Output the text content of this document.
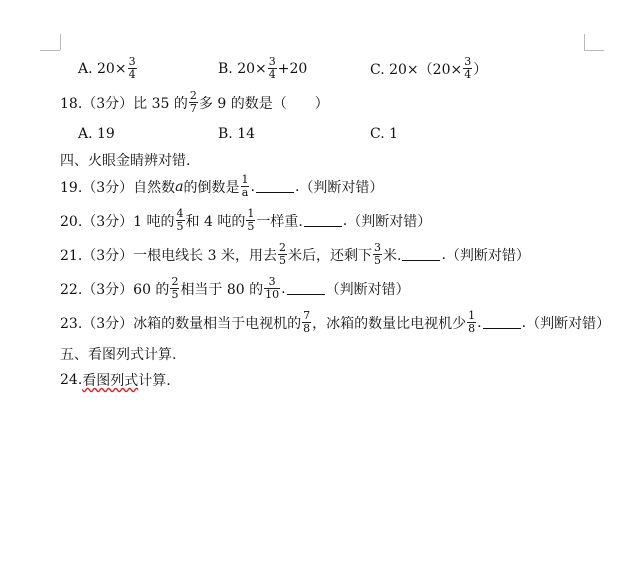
A. $20\times \frac{3}{4}$	B. $20\times \frac{3}{4} +20$	C. $20\times(20\times \frac{3}{4}$ ）
18.（3分）比 35 的 $\frac{2}{7}$ 多 9 的数是（　　）
A. 19	B. 14	C. 1
四、火眼金睛辨对错.
19.（3分）自然数 a 的倒数是 $\frac{1}{a}$ .	. （判断对错）
20.（3分）1 吨的 $\frac{4}{5}$ 和 4 吨的 $\frac{1}{5}$ 一样重.	. （判断对错）
21.（3分）一根电线长 3 米，用去 $\frac{2}{5}$ 米后，还剩下 $\frac{3}{5}$ 米.	. （判断对错）
22.（3分）60 的 $\frac{2}{5}$ 相当于 80 的 $\frac{3}{10}$ .	（判断对错）
23.（3分）冰箱的数量相当于电视机的 $\frac{7}{8}$ ，冰箱的数量比电视机少 $\frac{1}{8}$ .	. （判断对错）
五、看图列式计算.
24. 看图列式 计算.
